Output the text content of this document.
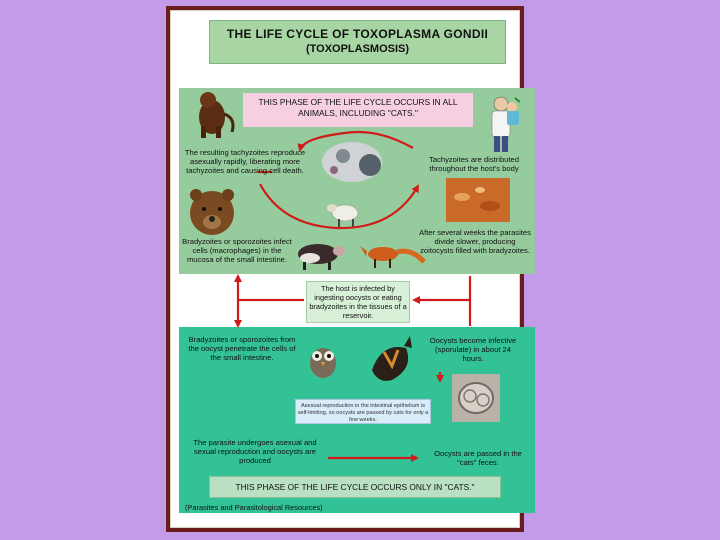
THE LIFE CYCLE OF TOXOPLASMA GONDII
(TOXOPLASMOSIS)
THIS PHASE OF THE LIFE CYCLE OCCURS IN ALL ANIMALS, INCLUDING "CATS."
The resulting tachyzoites reproduce asexually rapidly, liberating more tachyzoites and causing cell death.
Tachyzoites are distributed throughout the host's body
Bradyzoites or sporozoites infect cells (macrophages) in the mucosa of the small intestine.
After several weeks the parasites divide slower, producing zoitocysts filled with bradyzoites.
The host is infected by ingesting oocysts or eating bradyzoites in the tissues of a reservoir.
Bradyzoites or sporozoites from the oocyst penetrate the cells of the small intestine.
Oocysts become infective (sporulate) in about 24 hours.
Asexual reproduction in the intestinal epithelium is self-limiting, so oocysts are passed by cats for only a few weeks.
The parasite undergoes asexual and sexual reproduction and oocysts are produced
Oocysts are passed in the "cats" feces.
THIS PHASE OF THE LIFE CYCLE OCCURS ONLY IN "CATS."
(Parasites and Parasitological Resources)
